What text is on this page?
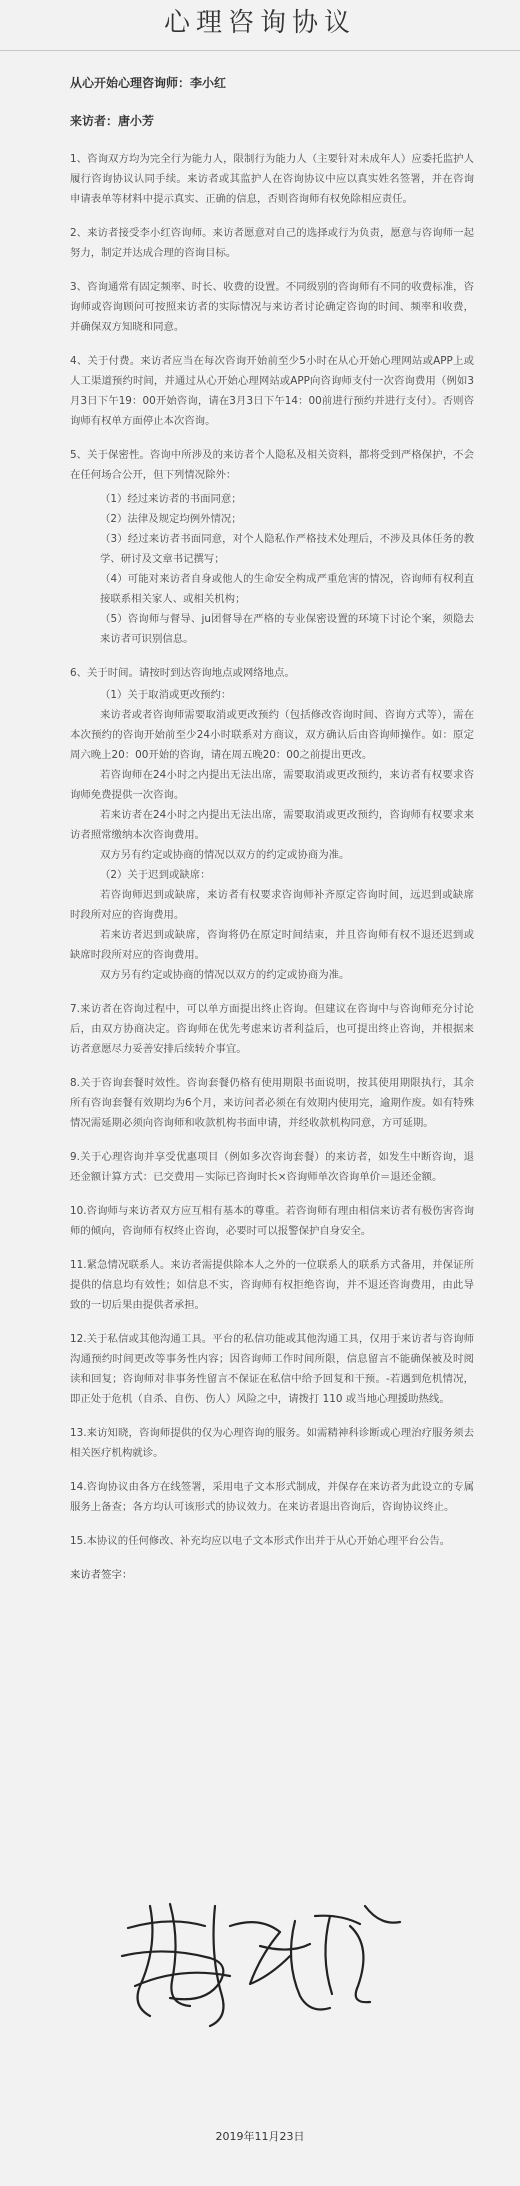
心理咨询协议
从心开始心理咨询师：李小红
来访者：唐小芳

1、咨询双方均为完全行为能力人，限制行为能力人（主要针对未成年人）应委托监护人履行咨询协议认同手续。来访者或其监护人在咨询协议中应以真实姓名签署，并在咨询申请表单等材料中提示真实、正确的信息，否则咨询师有权免除相应责任。

2、来访者接受李小红咨询师。来访者愿意对自己的选择或行为负责，愿意与咨询师一起努力，制定并达成合理的咨询目标。

3、咨询通常有固定频率、时长、收费的设置。不同级别的咨询师有不同的收费标准，咨询师或咨询顾问可按照来访者的实际情况与来访者讨论确定咨询的时间、频率和收费，并确保双方知晓和同意。

4、关于付费。来访者应当在每次咨询开始前至少5小时在从心开始心理网站或APP上或人工渠道预约时间，并通过从心开始心理网站或APP向咨询师支付一次咨询费用（例如3月3日下午19：00开始咨询，请在3月3日下午14：00前进行预约并进行支付）。否则咨询师有权单方面停止本次咨询。

5、关于保密性。咨询中所涉及的来访者个人隐私及相关资料，都将受到严格保护，不会在任何场合公开，但下列情况除外：

（1）经过来访者的书面同意；
（2）法律及规定均例外情况；
（3）经过来访者书面同意，对个人隐私作严格技术处理后，不涉及具体任务的教学、研讨及文章书记撰写；
（4）可能对来访者自身或他人的生命安全构成严重危害的情况，咨询师有权利直接联系相关家人、或相关机构；
（5）咨询师与督导、ju团督导在严格的专业保密设置的环境下讨论个案，须隐去来访者可识别信息。

6、关于时间。请按时到达咨询地点或网络地点。

（1）关于取消或更改预约：
来访者或者咨询师需要取消或更改预约（包括修改咨询时间、咨询方式等），需在本次预约的咨询开始前至少24小时联系对方商议，双方确认后由咨询师操作。如：原定周六晚上20：00开始的咨询，请在周五晚20：00之前提出更改。
若咨询师在24小时之内提出无法出席，需要取消或更改预约，来访者有权要求咨询师免费提供一次咨询。
若来访者在24小时之内提出无法出席，需要取消或更改预约，咨询师有权要求来访者照常缴纳本次咨询费用。
双方另有约定或协商的情况以双方的约定或协商为准。
（2）关于迟到或缺席：
若咨询师迟到或缺席，来访者有权要求咨询师补齐原定咨询时间，远迟到或缺席时段所对应的咨询费用。
若来访者迟到或缺席，咨询将仍在原定时间结束，并且咨询师有权不退还迟到或缺席时段所对应的咨询费用。
双方另有约定或协商的情况以双方的约定或协商为准。

7.来访者在咨询过程中，可以单方面提出终止咨询。但建议在咨询中与咨询师充分讨论后，由双方协商决定。咨询师在优先考虑来访者利益后，也可提出终止咨询，并根据来访者意愿尽力妥善安排后续转介事宜。

8.关于咨询套餐时效性。咨询套餐仍格有使用期限书面说明，按其使用期限执行，其余所有咨询套餐有效期均为6个月，来访问者必须在有效期内使用完，逾期作废。如有特殊情况需延期必须向咨询师和收款机构书面申请，并经收款机构同意，方可延期。

9.关于心理咨询并享受优惠项目（例如多次咨询套餐）的来访者，如发生中断咨询，退还金额计算方式：已交费用－实际已咨询时长×咨询师单次咨询单价＝退还金额。

10.咨询师与来访者双方应互相有基本的尊重。若咨询师有理由相信来访者有极伤害咨询师的倾向，咨询师有权终止咨询，必要时可以报警保护自身安全。

11.紧急情况联系人。来访者需提供除本人之外的一位联系人的联系方式备用，并保证所提供的信息均有效性；如信息不实，咨询师有权拒绝咨询，并不退还咨询费用，由此导致的一切后果由提供者承担。

12.关于私信或其他沟通工具。平台的私信功能或其他沟通工具，仅用于来访者与咨询师沟通预约时间更改等事务性内容；因咨询师工作时间所限，信息留言不能确保被及时阅读和回复；咨询师对非事务性留言不保证在私信中给予回复和干预。-若遇到危机情况，即正处于危机（自杀、自伤、伤人）风险之中，请拨打 110 或当地心理援助热线。

13.来访知晓，咨询师提供的仅为心理咨询的服务。如需精神科诊断或心理治疗服务须去相关医疗机构就诊。

14.咨询协议由各方在线签署，采用电子文本形式制成，并保存在来访者为此设立的专属服务上备查；各方均认可该形式的协议效力。在来访者退出咨询后，咨询协议终止。

15.本协议的任何修改、补充均应以电子文本形式作出并于从心开始心理平台公告。

来访者签字：
2019年11月23日
